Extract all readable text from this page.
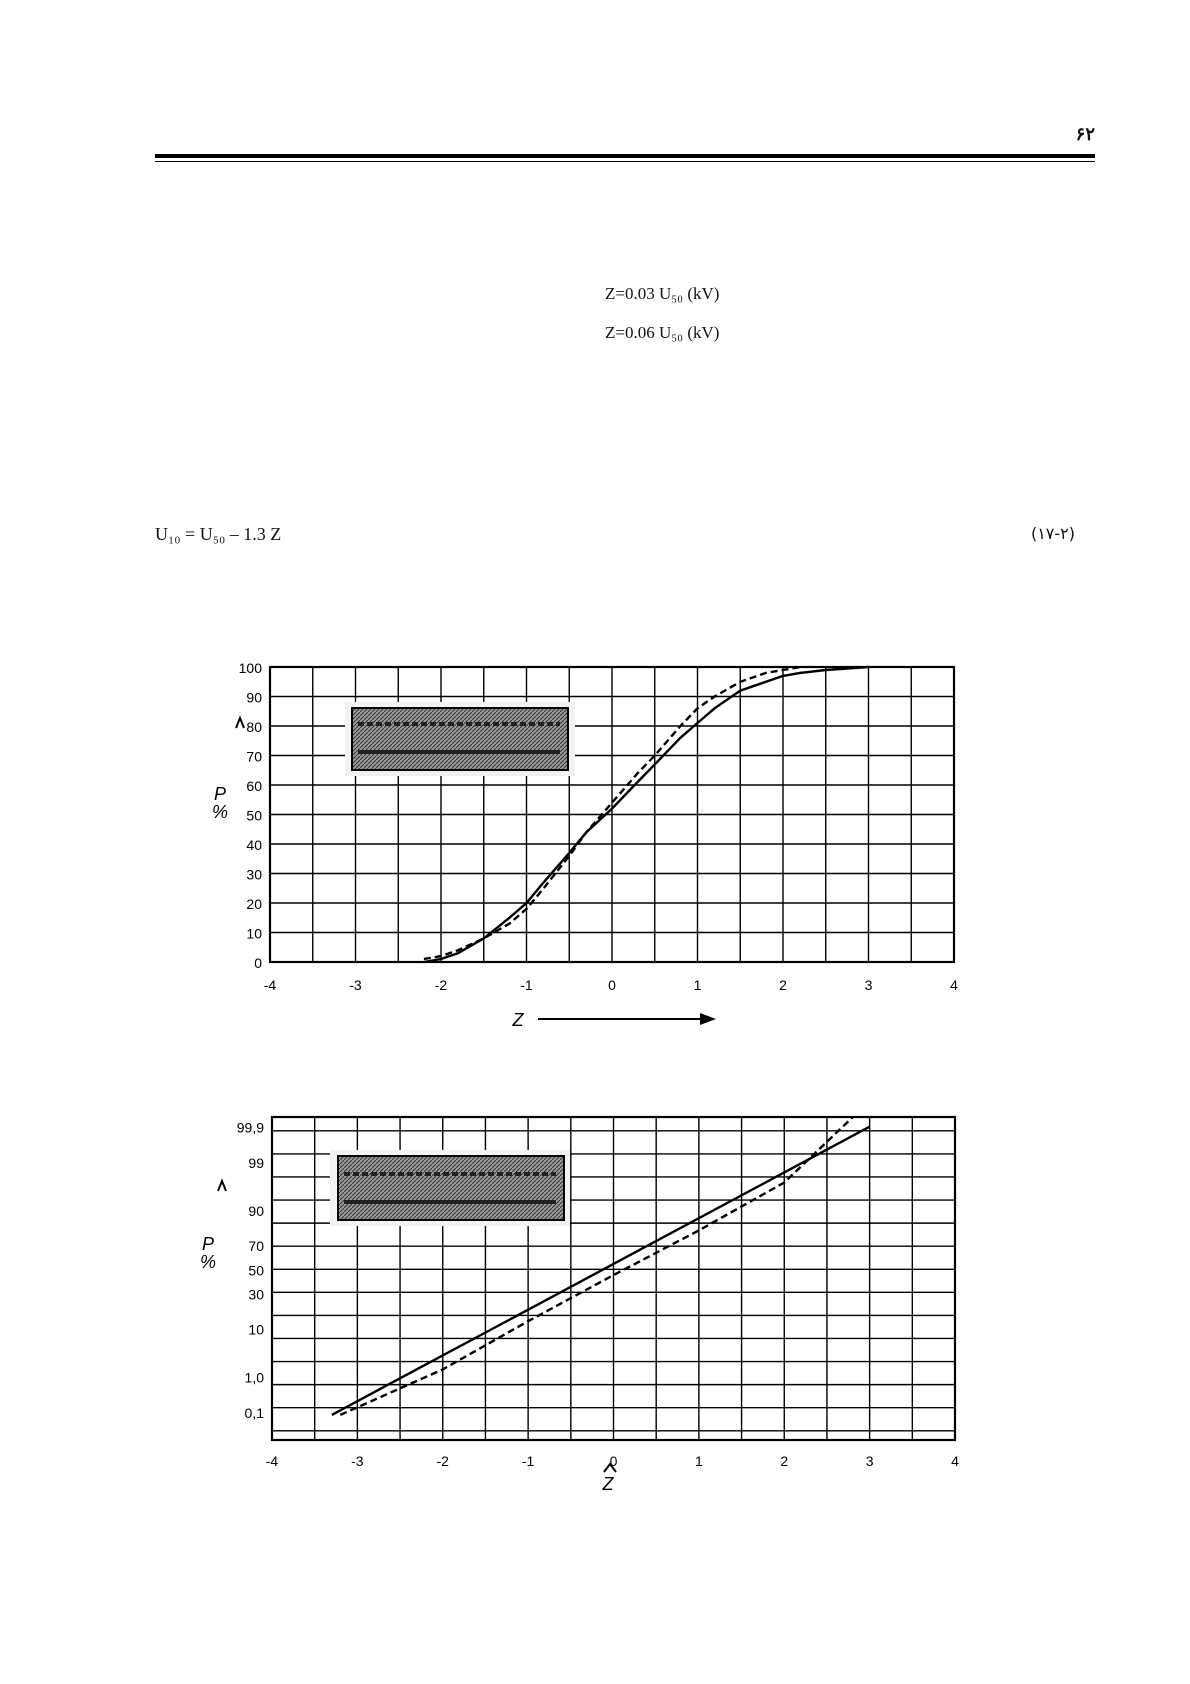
۶۲
Z=0.03 U₅₀ (kV)
Z=0.06 U₅₀ (kV)
U₁₀ = U₅₀ – 1.3 Z	(۱۷-۲)
0
10
20
30
40
50
60
70
80
90
100
-4	-3	-2	-1	0	1	2	3	4
P %
Z
0,1
1,0
10
30
50
70
90
99
99,9
-4	-3	-2	-1	0	1	2	3	4
P %
Z
